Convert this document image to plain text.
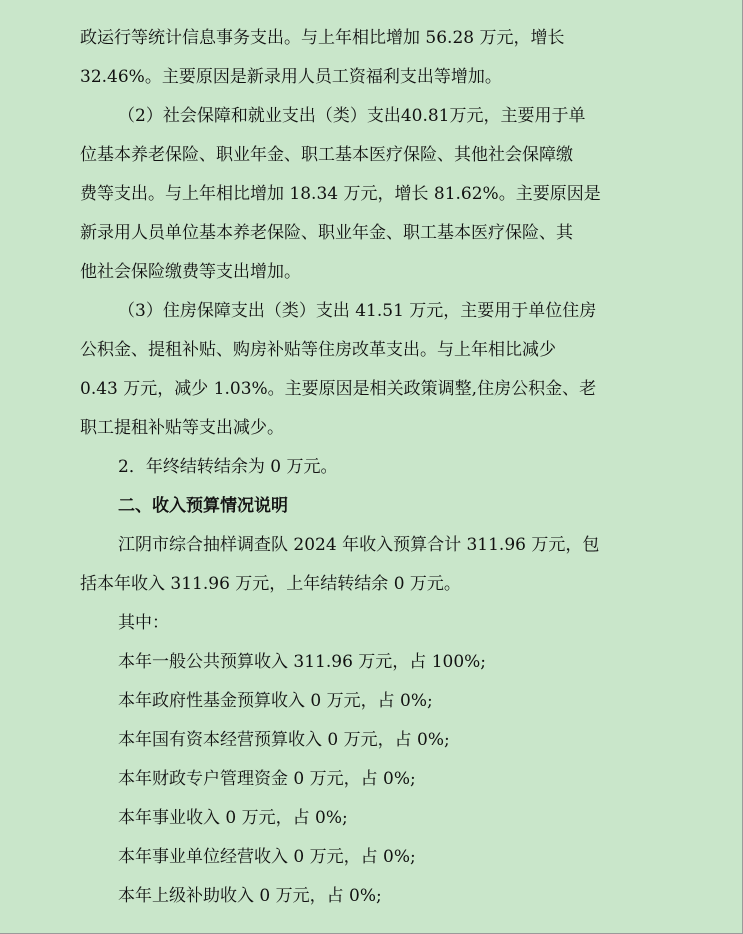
政运行等统计信息事务支出。与上年相比增加 56.28 万元，增长
32.46%。主要原因是新录用人员工资福利支出等增加。
（2）社会保障和就业支出（类）支出40.81万元，主要用于单
位基本养老保险、职业年金、职工基本医疗保险、其他社会保障缴
费等支出。与上年相比增加 18.34 万元，增长 81.62%。主要原因是
新录用人员单位基本养老保险、职业年金、职工基本医疗保险、其
他社会保险缴费等支出增加。
（3）住房保障支出（类）支出 41.51 万元，主要用于单位住房
公积金、提租补贴、购房补贴等住房改革支出。与上年相比减少
0.43 万元，减少 1.03%。主要原因是相关政策调整,住房公积金、老
职工提租补贴等支出减少。
2．年终结转结余为 0 万元。
二、收入预算情况说明
江阴市综合抽样调查队 2024 年收入预算合计 311.96 万元，包
括本年收入 311.96 万元，上年结转结余 0 万元。
其中：
本年一般公共预算收入 311.96 万元，占 100%;
本年政府性基金预算收入 0 万元，占 0%;
本年国有资本经营预算收入 0 万元，占 0%;
本年财政专户管理资金 0 万元，占 0%;
本年事业收入 0 万元，占 0%;
本年事业单位经营收入 0 万元，占 0%;
本年上级补助收入 0 万元，占 0%;
